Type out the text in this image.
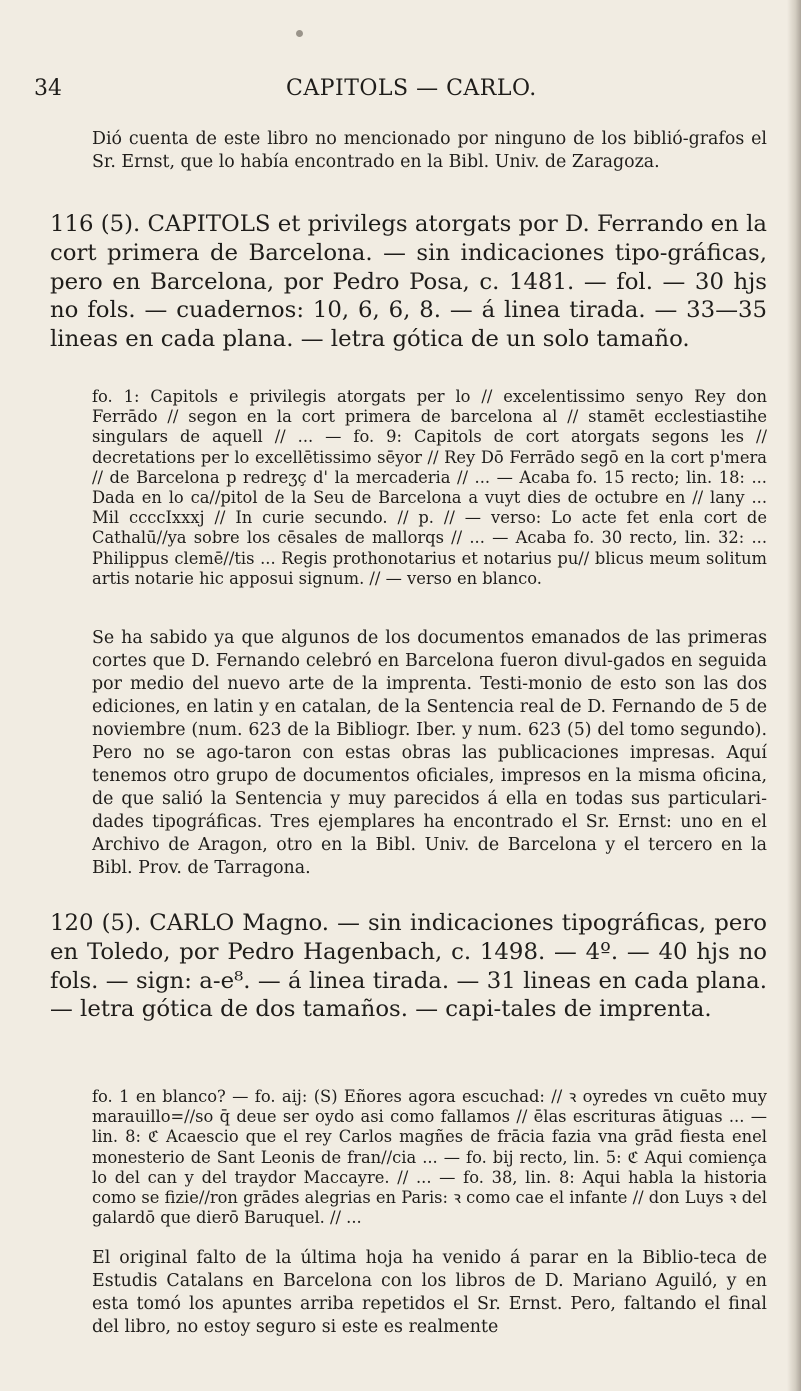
34	CAPITOLS — CARLO.

Dió cuenta de este libro no mencionado por ninguno de los biblió-grafos el Sr. Ernst, que lo había encontrado en la Bibl. Univ. de Zaragoza.

116 (5). CAPITOLS et privilegs atorgats por D. Ferrando en la cort primera de Barcelona. — sin indicaciones tipo-gráficas, pero en Barcelona, por Pedro Posa, c. 1481. — fol. — 30 hjs no fols. — cuadernos: 10, 6, 6, 8. — á linea tirada. — 33—35 lineas en cada plana. — letra gótica de un solo tamaño.

fo. 1: Capitols e privilegis atorgats per lo // excelentissimo senyo Rey don Ferrādo // segon en la cort primera de barcelona al // stamēt ecclestiastihe singulars de aquell // ... — fo. 9: Capitols de cort atorgats segons les // decretations per lo excellētissimo sēyor // Rey Dō Ferrādo segō en la cort p'mera // de Barcelona p redreʒç d' la mercaderia // ... — Acaba fo. 15 recto; lin. 18: ... Dada en lo ca//pitol de la Seu de Barcelona a vuyt dies de octubre en // lany ... Mil ccccIxxxj // In curie secundo. // p. // — verso: Lo acte fet enla cort de Cathalū//ya sobre los cēsales de mallorqs // ... — Acaba fo. 30 recto, lin. 32: ... Philippus clemē//tis ... Regis prothonotarius et notarius pu// blicus meum solitum artis notarie hic apposui signum. // — verso en blanco.

Se ha sabido ya que algunos de los documentos emanados de las primeras cortes que D. Fernando celebró en Barcelona fueron divul-gados en seguida por medio del nuevo arte de la imprenta. Testi-monio de esto son las dos ediciones, en latin y en catalan, de la Sentencia real de D. Fernando de 5 de noviembre (num. 623 de la Bibliogr. Iber. y num. 623 (5) del tomo segundo). Pero no se ago-taron con estas obras las publicaciones impresas. Aquí tenemos otro grupo de documentos oficiales, impresos en la misma oficina, de que salió la Sentencia y muy parecidos á ella en todas sus particulari-dades tipográficas. Tres ejemplares ha encontrado el Sr. Ernst: uno en el Archivo de Aragon, otro en la Bibl. Univ. de Barcelona y el tercero en la Bibl. Prov. de Tarragona.

120 (5). CARLO Magno. — sin indicaciones tipográficas, pero en Toledo, por Pedro Hagenbach, c. 1498. — 4º. — 40 hjs no fols. — sign: a-e⁸. — á linea tirada. — 31 lineas en cada plana. — letra gótica de dos tamaños. — capi-tales de imprenta.

fo. 1 en blanco? — fo. aij: (S) Eñores agora escuchad: // ꝛ oyredes vn cuēto muy marauillo=//so q̄ deue ser oydo asi como fallamos // ēlas escrituras ātiguas ... — lin. 8: ℭ Acaescio que el rey Carlos magñes de frācia fazia vna grād fiesta enel monesterio de Sant Leonis de fran//cia ... — fo. bij recto, lin. 5: ℭ Aqui comiença lo del can y del traydor Maccayre. // ... — fo. 38, lin. 8: Aqui habla la historia como se fizie//ron grādes alegrias en Paris: ꝛ como cae el infante // don Luys ꝛ del galardō que dierō Baruquel. // ...

El original falto de la última hoja ha venido á parar en la Biblio-teca de Estudis Catalans en Barcelona con los libros de D. Mariano Aguiló, y en esta tomó los apuntes arriba repetidos el Sr. Ernst. Pero, faltando el final del libro, no estoy seguro si este es realmente
